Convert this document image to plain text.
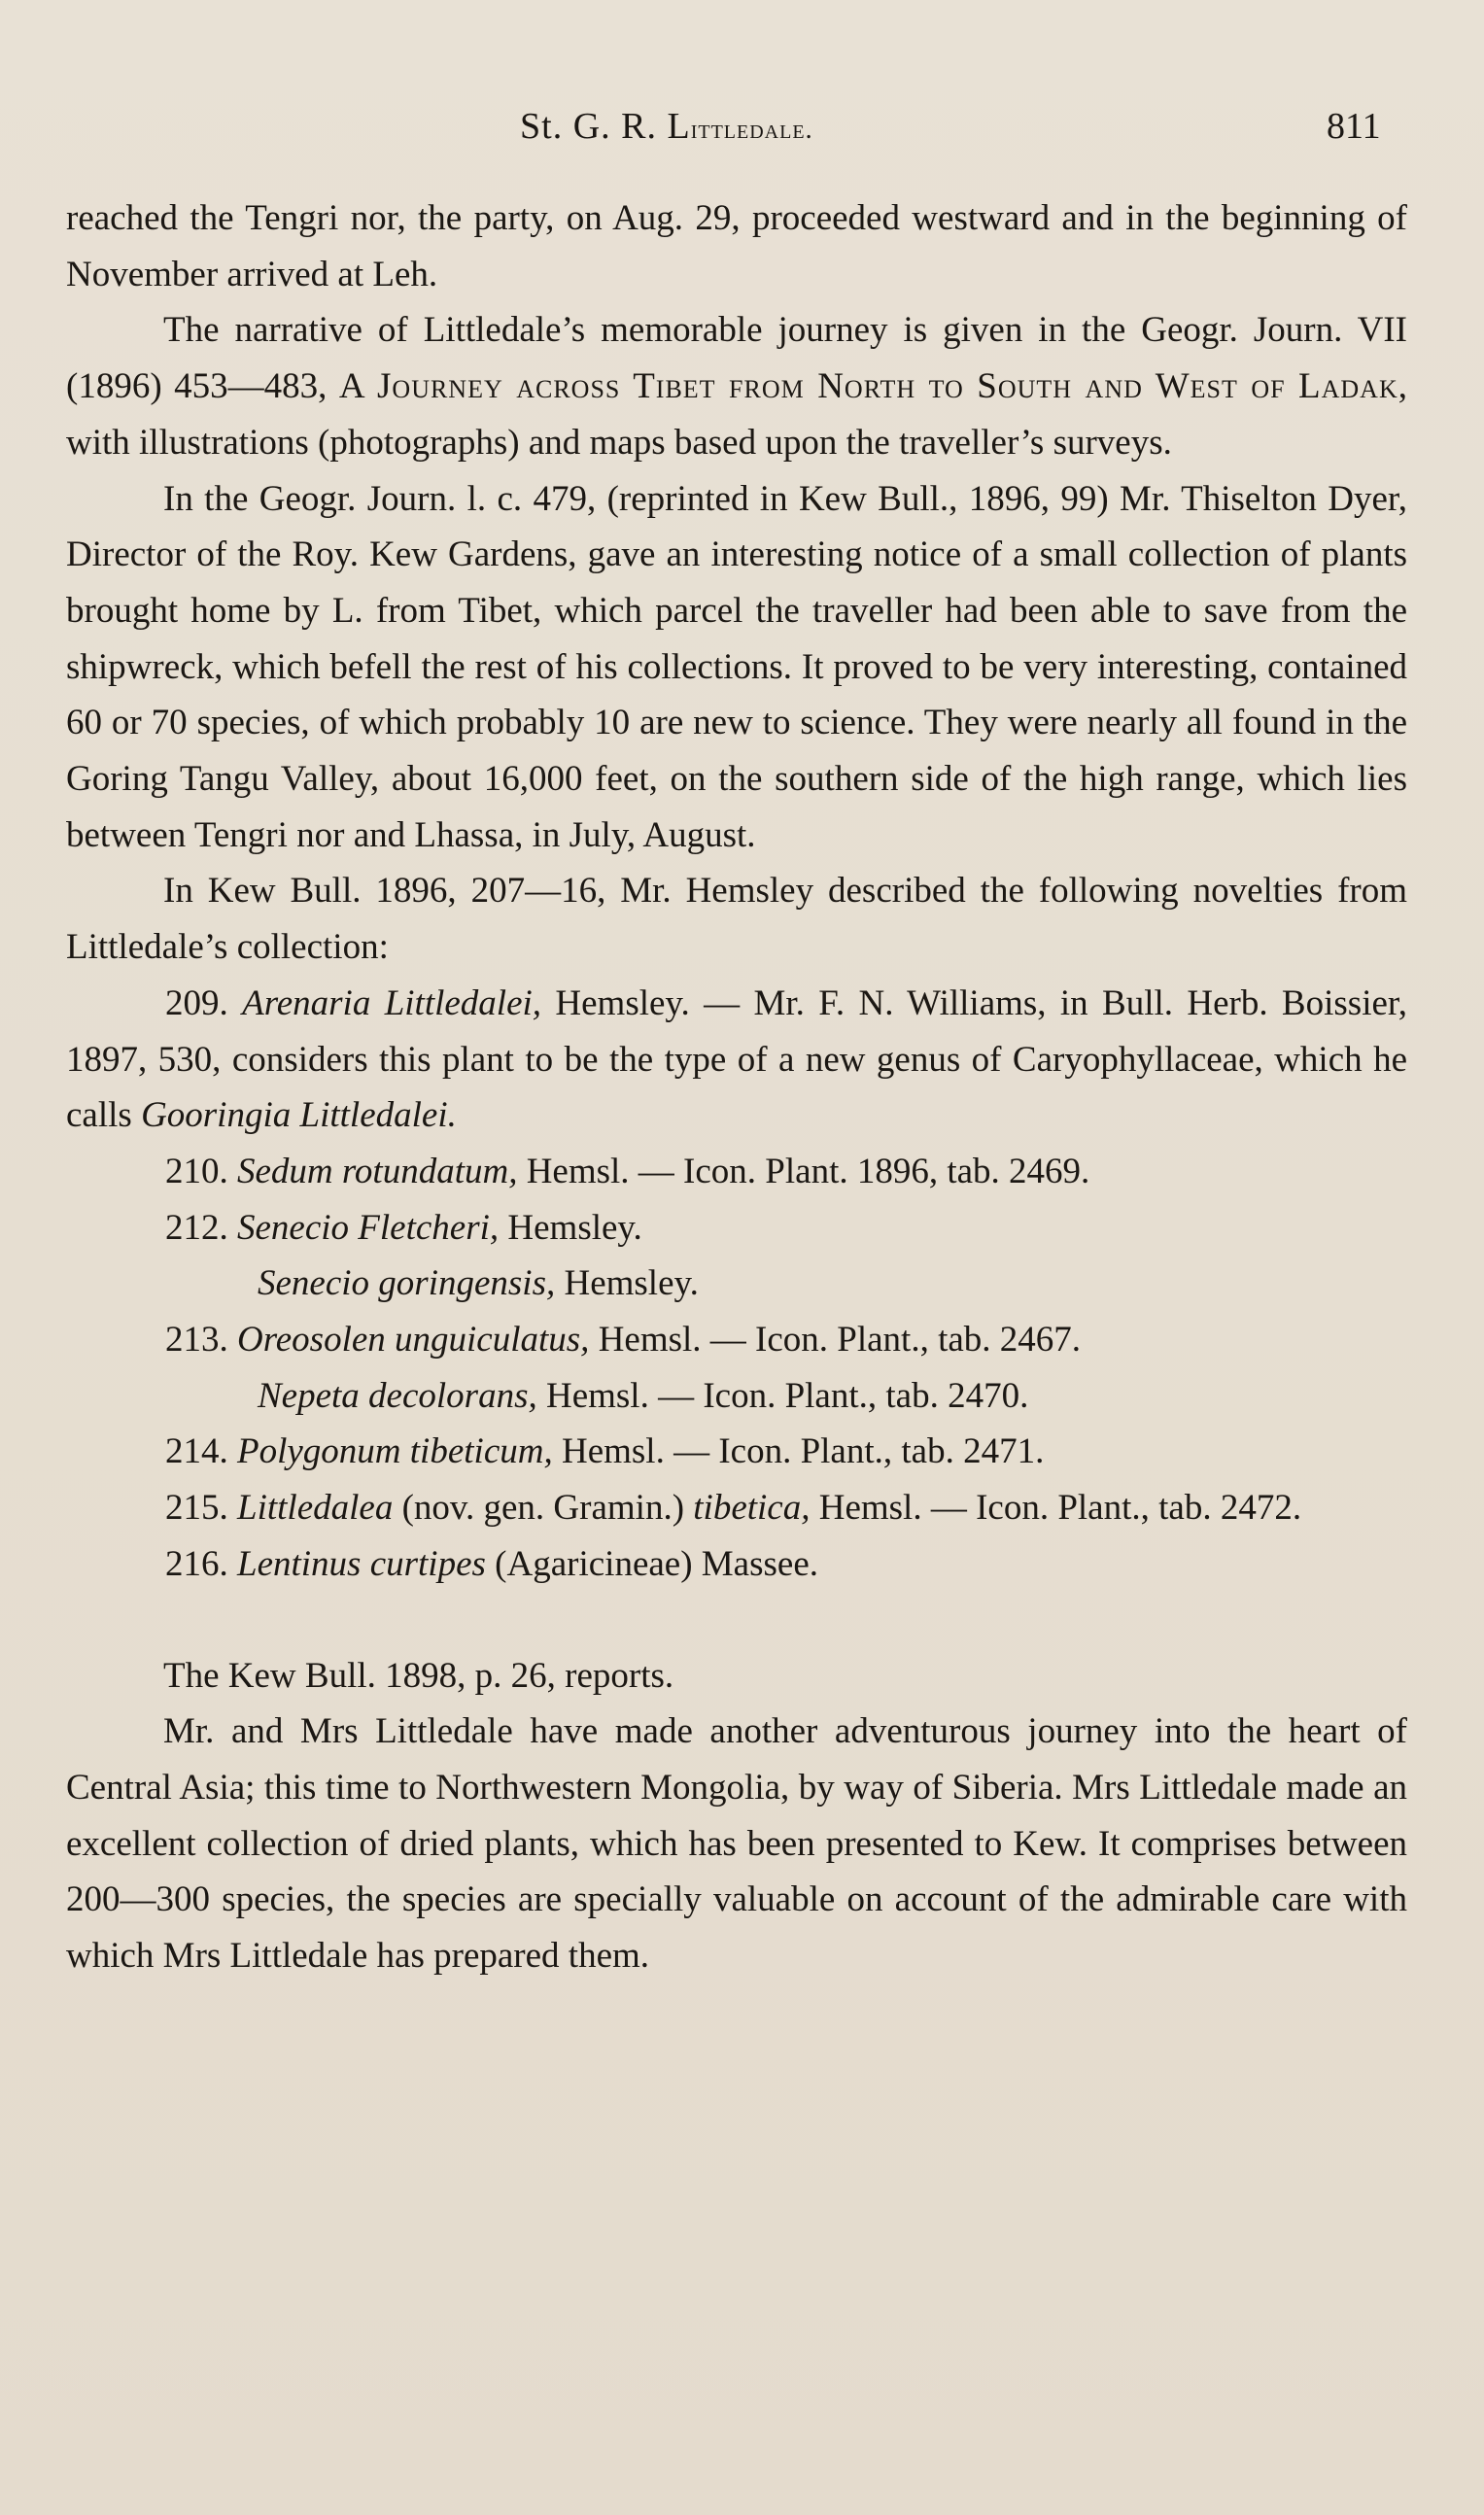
St. G. R. Littledale.	811

reached the Tengri nor, the party, on Aug. 29, proceeded westward and in the beginning of November arrived at Leh.

The narrative of Littledale’s memorable journey is given in the Geogr. Journ. VII (1896) 453—483, A Journey across Tibet from North to South and West of Ladak, with illustrations (photographs) and maps based upon the traveller’s surveys.

In the Geogr. Journ. l. c. 479, (reprinted in Kew Bull., 1896, 99) Mr. Thiselton Dyer, Director of the Roy. Kew Gardens, gave an interesting notice of a small collection of plants brought home by L. from Tibet, which parcel the traveller had been able to save from the shipwreck, which befell the rest of his collections. It proved to be very interesting, contained 60 or 70 species, of which probably 10 are new to science. They were nearly all found in the Goring Tangu Valley, about 16,000 feet, on the southern side of the high range, which lies between Tengri nor and Lhassa, in July, August.

In Kew Bull. 1896, 207—16, Mr. Hemsley described the following novelties from Littledale’s collection:

209. Arenaria Littledalei, Hemsley. — Mr. F. N. Williams, in Bull. Herb. Boissier, 1897, 530, considers this plant to be the type of a new genus of Caryophyllaceae, which he calls Gooringia Littledalei.

210. Sedum rotundatum, Hemsl. — Icon. Plant. 1896, tab. 2469.

212. Senecio Fletcheri, Hemsley.

Senecio goringensis, Hemsley.

213. Oreosolen unguiculatus, Hemsl. — Icon. Plant., tab. 2467.

Nepeta decolorans, Hemsl. — Icon. Plant., tab. 2470.

214. Polygonum tibeticum, Hemsl. — Icon. Plant., tab. 2471.

215. Littledalea (nov. gen. Gramin.) tibetica, Hemsl. — Icon. Plant., tab. 2472.

216. Lentinus curtipes (Agaricineae) Massee.

The Kew Bull. 1898, p. 26, reports.

Mr. and Mrs Littledale have made another adventurous journey into the heart of Central Asia; this time to Northwestern Mongolia, by way of Siberia. Mrs Littledale made an excellent collection of dried plants, which has been presented to Kew. It comprises between 200—300 species, the species are specially valuable on account of the admirable care with which Mrs Littledale has prepared them.
